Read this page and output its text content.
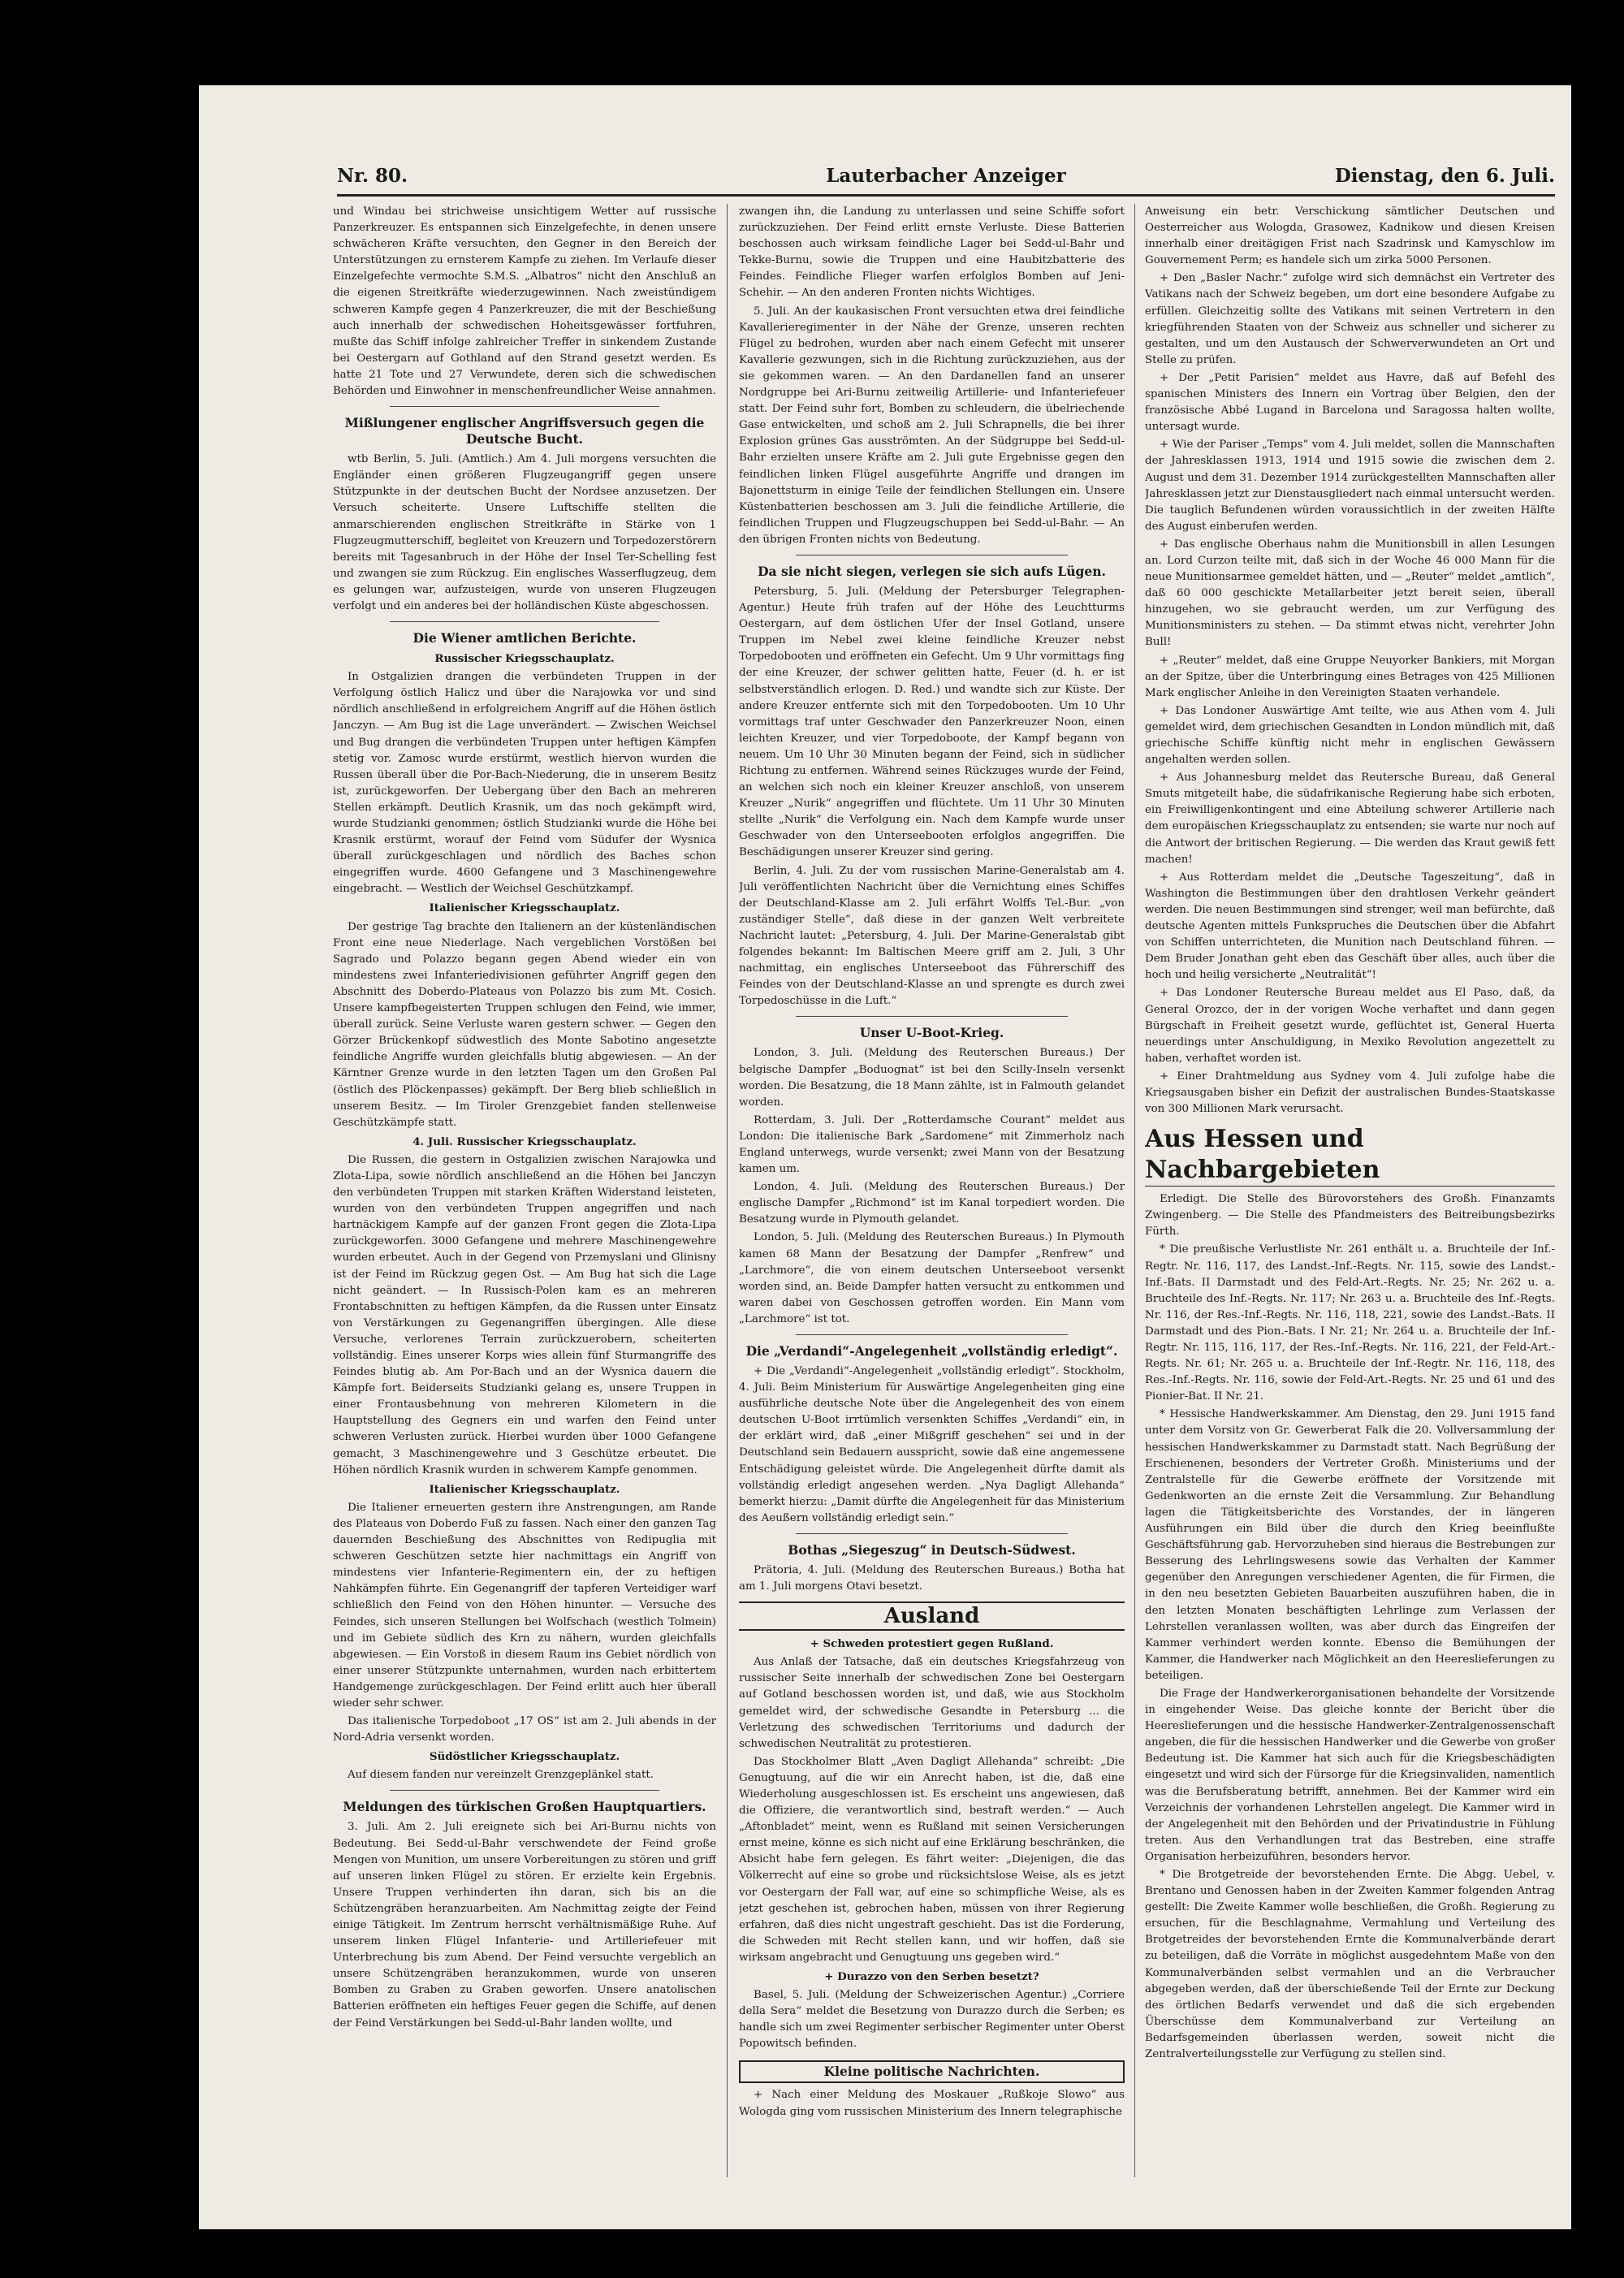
Nr. 80.	Lauterbacher Anzeiger	Dienstag, den 6. Juli.

und Windau bei strichweise unsichtigem Wetter auf russische Panzerkreuzer. Es entspannen sich Einzelgefechte, in denen unsere schwächeren Kräfte versuchten, den Gegner in den Bereich der Unterstützungen zu ernsterem Kampfe zu ziehen. Im Verlaufe dieser Einzelgefechte vermochte S.M.S. „Albatros“ nicht den Anschluß an die eigenen Streitkräfte wiederzugewinnen. Nach zweistündigem schweren Kampfe gegen 4 Panzerkreuzer, die mit der Beschießung auch innerhalb der schwedischen Hoheitsgewässer fortfuhren, mußte das Schiff infolge zahlreicher Treffer in sinkendem Zustande bei Oestergarn auf Gothland auf den Strand gesetzt werden. Es hatte 21 Tote und 27 Verwundete, deren sich die schwedischen Behörden und Einwohner in menschenfreundlicher Weise annahmen.

Mißlungener englischer Angriffsversuch gegen die Deutsche Bucht.

wtb Berlin, 5. Juli. (Amtlich.) Am 4. Juli morgens versuchten die Engländer einen größeren Flugzeugangriff gegen unsere Stützpunkte in der deutschen Bucht der Nordsee anzusetzen. Der Versuch scheiterte. Unsere Luftschiffe stellten die anmarschierenden englischen Streitkräfte in Stärke von 1 Flugzeugmutterschiff, begleitet von Kreuzern und Torpedozerstörern bereits mit Tagesanbruch in der Höhe der Insel Ter-Schelling fest und zwangen sie zum Rückzug. Ein englisches Wasserflugzeug, dem es gelungen war, aufzusteigen, wurde von unseren Flugzeugen verfolgt und ein anderes bei der holländischen Küste abgeschossen.

Die Wiener amtlichen Berichte.
Russischer Kriegsschauplatz.

In Ostgalizien drangen die verbündeten Truppen in der Verfolgung östlich Halicz und über die Narajowka vor und sind nördlich anschließend in erfolgreichem Angriff auf die Höhen östlich Janczyn. — Am Bug ist die Lage unverändert. — Zwischen Weichsel und Bug drangen die verbündeten Truppen unter heftigen Kämpfen stetig vor. Zamosc wurde erstürmt, westlich hiervon wurden die Russen überall über die Por-Bach-Niederung, die in unserem Besitz ist, zurückgeworfen. Der Uebergang über den Bach an mehreren Stellen erkämpft. Deutlich Krasnik, um das noch gekämpft wird, wurde Studzianki genommen; östlich Studzianki wurde die Höhe bei Krasnik erstürmt, worauf der Feind vom Südufer der Wysnica überall zurückgeschlagen und nördlich des Baches schon eingegriffen wurde. 4600 Gefangene und 3 Maschinengewehre eingebracht. — Westlich der Weichsel Geschützkampf.

Italienischer Kriegsschauplatz.

Der gestrige Tag brachte den Italienern an der küstenländischen Front eine neue Niederlage. Nach vergeblichen Vorstößen bei Sagrado und Polazzo begann gegen Abend wieder ein von mindestens zwei Infanteriedivisionen geführter Angriff gegen den Abschnitt des Doberdo-Plateaus von Polazzo bis zum Mt. Cosich. Unsere kampfbegeisterten Truppen schlugen den Feind, wie immer, überall zurück. Seine Verluste waren gestern schwer. — Gegen den Görzer Brückenkopf südwestlich des Monte Sabotino angesetzte feindliche Angriffe wurden gleichfalls blutig abgewiesen. — An der Kärntner Grenze wurde in den letzten Tagen um den Großen Pal (östlich des Plöckenpasses) gekämpft. Der Berg blieb schließlich in unserem Besitz. — Im Tiroler Grenzgebiet fanden stellenweise Geschützkämpfe statt.

4. Juli. Russischer Kriegsschauplatz.

Die Russen, die gestern in Ostgalizien zwischen Narajowka und Zlota-Lipa, sowie nördlich anschließend an die Höhen bei Janczyn den verbündeten Truppen mit starken Kräften Widerstand leisteten, wurden von den verbündeten Truppen angegriffen und nach hartnäckigem Kampfe auf der ganzen Front gegen die Zlota-Lipa zurückgeworfen. 3000 Gefangene und mehrere Maschinengewehre wurden erbeutet. Auch in der Gegend von Przemyslani und Glinisny ist der Feind im Rückzug gegen Ost. — Am Bug hat sich die Lage nicht geändert. — In Russisch-Polen kam es an mehreren Frontabschnitten zu heftigen Kämpfen, da die Russen unter Einsatz von Verstärkungen zu Gegenangriffen übergingen. Alle diese Versuche, verlorenes Terrain zurückzuerobern, scheiterten vollständig. Eines unserer Korps wies allein fünf Sturmangriffe des Feindes blutig ab. Am Por-Bach und an der Wysnica dauern die Kämpfe fort. Beiderseits Studzianki gelang es, unsere Truppen in einer Frontausbehnung von mehreren Kilometern in die Hauptstellung des Gegners ein und warfen den Feind unter schweren Verlusten zurück. Hierbei wurden über 1000 Gefangene gemacht, 3 Maschinengewehre und 3 Geschütze erbeutet. Die Höhen nördlich Krasnik wurden in schwerem Kampfe genommen.

Italienischer Kriegsschauplatz.

Die Italiener erneuerten gestern ihre Anstrengungen, am Rande des Plateaus von Doberdo Fuß zu fassen. Nach einer den ganzen Tag dauernden Beschießung des Abschnittes von Redipuglia mit schweren Geschützen setzte hier nachmittags ein Angriff von mindestens vier Infanterie-Regimentern ein, der zu heftigen Nahkämpfen führte. Ein Gegenangriff der tapferen Verteidiger warf schließlich den Feind von den Höhen hinunter. — Versuche des Feindes, sich unseren Stellungen bei Wolfschach (westlich Tolmein) und im Gebiete südlich des Krn zu nähern, wurden gleichfalls abgewiesen. — Ein Vorstoß in diesem Raum ins Gebiet nördlich von einer unserer Stützpunkte unternahmen, wurden nach erbittertem Handgemenge zurückgeschlagen. Der Feind erlitt auch hier überall wieder sehr schwer.

Das italienische Torpedoboot „17 OS“ ist am 2. Juli abends in der Nord-Adria versenkt worden.

Südöstlicher Kriegsschauplatz.

Auf diesem fanden nur vereinzelt Grenzgeplänkel statt.

Meldungen des türkischen Großen Hauptquartiers.

3. Juli. Am 2. Juli ereignete sich bei Ari-Burnu nichts von Bedeutung. Bei Sedd-ul-Bahr verschwendete der Feind große Mengen von Munition, um unsere Vorbereitungen zu stören und griff auf unseren linken Flügel zu stören. Er erzielte kein Ergebnis. Unsere Truppen verhinderten ihn daran, sich bis an die Schützengräben heranzuarbeiten. Am Nachmittag zeigte der Feind einige Tätigkeit. Im Zentrum herrscht verhältnismäßige Ruhe. Auf unserem linken Flügel Infanterie- und Artilleriefeuer mit Unterbrechung bis zum Abend. Der Feind versuchte vergeblich an unsere Schützengräben heranzukommen, wurde von unseren Bomben zu Graben zu Graben geworfen. Unsere anatolischen Batterien eröffneten ein heftiges Feuer gegen die Schiffe, auf denen der Feind Verstärkungen bei Sedd-ul-Bahr landen wollte, und

zwangen ihn, die Landung zu unterlassen und seine Schiffe sofort zurückzuziehen. Der Feind erlitt ernste Verluste. Diese Batterien beschossen auch wirksam feindliche Lager bei Sedd-ul-Bahr und Tekke-Burnu, sowie die Truppen und eine Haubitzbatterie des Feindes. Feindliche Flieger warfen erfolglos Bomben auf Jeni-Schehir. — An den anderen Fronten nichts Wichtiges.

5. Juli. An der kaukasischen Front versuchten etwa drei feindliche Kavallerieregimenter in der Nähe der Grenze, unseren rechten Flügel zu bedrohen, wurden aber nach einem Gefecht mit unserer Kavallerie gezwungen, sich in die Richtung zurückzuziehen, aus der sie gekommen waren. — An den Dardanellen fand an unserer Nordgruppe bei Ari-Burnu zeitweilig Artillerie- und Infanteriefeuer statt. Der Feind suhr fort, Bomben zu schleudern, die übelriechende Gase entwickelten, und schoß am 2. Juli Schrapnells, die bei ihrer Explosion grünes Gas ausströmten. An der Südgruppe bei Sedd-ul-Bahr erzielten unsere Kräfte am 2. Juli gute Ergebnisse gegen den feindlichen linken Flügel ausgeführte Angriffe und drangen im Bajonettsturm in einige Teile der feindlichen Stellungen ein. Unsere Küstenbatterien beschossen am 3. Juli die feindliche Artillerie, die feindlichen Truppen und Flugzeugschuppen bei Sedd-ul-Bahr. — An den übrigen Fronten nichts von Bedeutung.

Da sie nicht siegen, verlegen sie sich aufs Lügen.

Petersburg, 5. Juli. (Meldung der Petersburger Telegraphen-Agentur.) Heute früh trafen auf der Höhe des Leuchtturms Oestergarn, auf dem östlichen Ufer der Insel Gotland, unsere Truppen im Nebel zwei kleine feindliche Kreuzer nebst Torpedobooten und eröffneten ein Gefecht. Um 9 Uhr vormittags fing der eine Kreuzer, der schwer gelitten hatte, Feuer (d. h. er ist selbstverständlich erlogen. D. Red.) und wandte sich zur Küste. Der andere Kreuzer entfernte sich mit den Torpedobooten. Um 10 Uhr vormittags traf unter Geschwader den Panzerkreuzer Noon, einen leichten Kreuzer, und vier Torpedoboote, der Kampf begann von neuem. Um 10 Uhr 30 Minuten begann der Feind, sich in südlicher Richtung zu entfernen. Während seines Rückzuges wurde der Feind, an welchen sich noch ein kleiner Kreuzer anschloß, von unserem Kreuzer „Nurik“ angegriffen und flüchtete. Um 11 Uhr 30 Minuten stellte „Nurik“ die Verfolgung ein. Nach dem Kampfe wurde unser Geschwader von den Unterseebooten erfolglos angegriffen. Die Beschädigungen unserer Kreuzer sind gering.

Berlin, 4. Juli. Zu der vom russischen Marine-Generalstab am 4. Juli veröffentlichten Nachricht über die Vernichtung eines Schiffes der Deutschland-Klasse am 2. Juli erfährt Wolffs Tel.-Bur. „von zuständiger Stelle“, daß diese in der ganzen Welt verbreitete Nachricht lautet: „Petersburg, 4. Juli. Der Marine-Generalstab gibt folgendes bekannt: Im Baltischen Meere griff am 2. Juli, 3 Uhr nachmittag, ein englisches Unterseeboot das Führerschiff des Feindes von der Deutschland-Klasse an und sprengte es durch zwei Torpedoschüsse in die Luft.“

Unser U-Boot-Krieg.

London, 3. Juli. (Meldung des Reuterschen Bureaus.) Der belgische Dampfer „Boduognat“ ist bei den Scilly-Inseln versenkt worden. Die Besatzung, die 18 Mann zählte, ist in Falmouth gelandet worden.

Rotterdam, 3. Juli. Der „Rotterdamsche Courant“ meldet aus London: Die italienische Bark „Sardomene“ mit Zimmerholz nach England unterwegs, wurde versenkt; zwei Mann von der Besatzung kamen um.

London, 4. Juli. (Meldung des Reuterschen Bureaus.) Der englische Dampfer „Richmond“ ist im Kanal torpediert worden. Die Besatzung wurde in Plymouth gelandet.

London, 5. Juli. (Meldung des Reuterschen Bureaus.) In Plymouth kamen 68 Mann der Besatzung der Dampfer „Renfrew“ und „Larchmore“, die von einem deutschen Unterseeboot versenkt worden sind, an. Beide Dampfer hatten versucht zu entkommen und waren dabei von Geschossen getroffen worden. Ein Mann vom „Larchmore“ ist tot.

Die „Verdandi“-Angelegenheit „vollständig erledigt“.

+ Die „Verdandi“-Angelegenheit „vollständig erledigt“. Stockholm, 4. Juli. Beim Ministerium für Auswärtige Angelegenheiten ging eine ausführliche deutsche Note über die Angelegenheit des von einem deutschen U-Boot irrtümlich versenkten Schiffes „Verdandi“ ein, in der erklärt wird, daß „einer Mißgriff geschehen“ sei und in der Deutschland sein Bedauern ausspricht, sowie daß eine angemessene Entschädigung geleistet würde. Die Angelegenheit dürfte damit als vollständig erledigt angesehen werden. „Nya Dagligt Allehanda“ bemerkt hierzu: „Damit dürfte die Angelegenheit für das Ministerium des Aeußern vollständig erledigt sein.“

Bothas „Siegeszug“ in Deutsch-Südwest.

Prätoria, 4. Juli. (Meldung des Reuterschen Bureaus.) Botha hat am 1. Juli morgens Otavi besetzt.

Ausland
+ Schweden protestiert gegen Rußland.

Aus Anlaß der Tatsache, daß ein deutsches Kriegsfahrzeug von russischer Seite innerhalb der schwedischen Zone bei Oestergarn auf Gotland beschossen worden ist, und daß, wie aus Stockholm gemeldet wird, der schwedische Gesandte in Petersburg ... die Verletzung des schwedischen Territoriums und dadurch der schwedischen Neutralität zu protestieren.

Das Stockholmer Blatt „Aven Dagligt Allehanda“ schreibt: „Die Genugtuung, auf die wir ein Anrecht haben, ist die, daß eine Wiederholung ausgeschlossen ist. Es erscheint uns angewiesen, daß die Offiziere, die verantwortlich sind, bestraft werden.“ — Auch „Aftonbladet“ meint, wenn es Rußland mit seinen Versicherungen ernst meine, könne es sich nicht auf eine Erklärung beschränken, die Absicht habe fern gelegen. Es fährt weiter: „Diejenigen, die das Völkerrecht auf eine so grobe und rücksichtslose Weise, als es jetzt vor Oestergarn der Fall war, auf eine so schimpfliche Weise, als es jetzt geschehen ist, gebrochen haben, müssen von ihrer Regierung erfahren, daß dies nicht ungestraft geschieht. Das ist die Forderung, die Schweden mit Recht stellen kann, und wir hoffen, daß sie wirksam angebracht und Genugtuung uns gegeben wird.“

+ Durazzo von den Serben besetzt?

Basel, 5. Juli. (Meldung der Schweizerischen Agentur.) „Corriere della Sera“ meldet die Besetzung von Durazzo durch die Serben; es handle sich um zwei Regimenter serbischer Regimenter unter Oberst Popowitsch befinden.

Kleine politische Nachrichten.

+ Nach einer Meldung des Moskauer „Rußkoje Slowo“ aus Wologda ging vom russischen Ministerium des Innern telegraphische

Anweisung ein betr. Verschickung sämtlicher Deutschen und Oesterreicher aus Wologda, Grasowez, Kadnikow und diesen Kreisen innerhalb einer dreitägigen Frist nach Szadrinsk und Kamyschlow im Gouvernement Perm; es handele sich um zirka 5000 Personen.

+ Den „Basler Nachr.“ zufolge wird sich demnächst ein Vertreter des Vatikans nach der Schweiz begeben, um dort eine besondere Aufgabe zu erfüllen. Gleichzeitig sollte des Vatikans mit seinen Vertretern in den kriegführenden Staaten von der Schweiz aus schneller und sicherer zu gestalten, und um den Austausch der Schwerverwundeten an Ort und Stelle zu prüfen.

+ Der „Petit Parisien“ meldet aus Havre, daß auf Befehl des spanischen Ministers des Innern ein Vortrag über Belgien, den der französische Abbé Lugand in Barcelona und Saragossa halten wollte, untersagt wurde.

+ Wie der Pariser „Temps“ vom 4. Juli meldet, sollen die Mannschaften der Jahresklassen 1913, 1914 und 1915 sowie die zwischen dem 2. August und dem 31. Dezember 1914 zurückgestellten Mannschaften aller Jahresklassen jetzt zur Dienstausgliedert nach einmal untersucht werden. Die tauglich Befundenen würden voraussichtlich in der zweiten Hälfte des August einberufen werden.

+ Das englische Oberhaus nahm die Munitionsbill in allen Lesungen an. Lord Curzon teilte mit, daß sich in der Woche 46 000 Mann für die neue Munitionsarmee gemeldet hätten, und — „Reuter“ meldet „amtlich“, daß 60 000 geschickte Metallarbeiter jetzt bereit seien, überall hinzugehen, wo sie gebraucht werden, um zur Verfügung des Munitionsministers zu stehen. — Da stimmt etwas nicht, verehrter John Bull!

+ „Reuter“ meldet, daß eine Gruppe Neuyorker Bankiers, mit Morgan an der Spitze, über die Unterbringung eines Betrages von 425 Millionen Mark englischer Anleihe in den Vereinigten Staaten verhandele.

+ Das Londoner Auswärtige Amt teilte, wie aus Athen vom 4. Juli gemeldet wird, dem griechischen Gesandten in London mündlich mit, daß griechische Schiffe künftig nicht mehr in englischen Gewässern angehalten werden sollen.

+ Aus Johannesburg meldet das Reutersche Bureau, daß General Smuts mitgeteilt habe, die südafrikanische Regierung habe sich erboten, ein Freiwilligenkontingent und eine Abteilung schwerer Artillerie nach dem europäischen Kriegsschauplatz zu entsenden; sie warte nur noch auf die Antwort der britischen Regierung. — Die werden das Kraut gewiß fett machen!

+ Aus Rotterdam meldet die „Deutsche Tageszeitung“, daß in Washington die Bestimmungen über den drahtlosen Verkehr geändert werden. Die neuen Bestimmungen sind strenger, weil man befürchte, daß deutsche Agenten mittels Funkspruches die Deutschen über die Abfahrt von Schiffen unterrichteten, die Munition nach Deutschland führen. — Dem Bruder Jonathan geht eben das Geschäft über alles, auch über die hoch und heilig versicherte „Neutralität“!

+ Das Londoner Reutersche Bureau meldet aus El Paso, daß, da General Orozco, der in der vorigen Woche verhaftet und dann gegen Bürgschaft in Freiheit gesetzt wurde, geflüchtet ist, General Huerta neuerdings unter Anschuldigung, in Mexiko Revolution angezettelt zu haben, verhaftet worden ist.

+ Einer Drahtmeldung aus Sydney vom 4. Juli zufolge habe die Kriegsausgaben bisher ein Defizit der australischen Bundes-Staatskasse von 300 Millionen Mark verursacht.

Aus Hessen und Nachbargebieten

Erledigt. Die Stelle des Bürovorstehers des Großh. Finanzamts Zwingenberg. — Die Stelle des Pfandmeisters des Beitreibungsbezirks Fürth.

* Die preußische Verlustliste Nr. 261 enthält u. a. Bruchteile der Inf.-Regtr. Nr. 116, 117, des Landst.-Inf.-Regts. Nr. 115, sowie des Landst.-Inf.-Bats. II Darmstadt und des Feld-Art.-Regts. Nr. 25; Nr. 262 u. a. Bruchteile des Inf.-Regts. Nr. 117; Nr. 263 u. a. Bruchteile des Inf.-Regts. Nr. 116, der Res.-Inf.-Regts. Nr. 116, 118, 221, sowie des Landst.-Bats. II Darmstadt und des Pion.-Bats. I Nr. 21; Nr. 264 u. a. Bruchteile der Inf.-Regtr. Nr. 115, 116, 117, der Res.-Inf.-Regts. Nr. 116, 221, der Feld-Art.-Regts. Nr. 61; Nr. 265 u. a. Bruchteile der Inf.-Regtr. Nr. 116, 118, des Res.-Inf.-Regts. Nr. 116, sowie der Feld-Art.-Regts. Nr. 25 und 61 und des Pionier-Bat. II Nr. 21.

* Hessische Handwerkskammer. Am Dienstag, den 29. Juni 1915 fand unter dem Vorsitz von Gr. Gewerberat Falk die 20. Vollversammlung der hessischen Handwerkskammer zu Darmstadt statt. Nach Begrüßung der Erschienenen, besonders der Vertreter Großh. Ministeriums und der Zentralstelle für die Gewerbe eröffnete der Vorsitzende mit Gedenkworten an die ernste Zeit die Versammlung. Zur Behandlung lagen die Tätigkeitsberichte des Vorstandes, der in längeren Ausführungen ein Bild über die durch den Krieg beeinflußte Geschäftsführung gab. Hervorzuheben sind hieraus die Bestrebungen zur Besserung des Lehrlingswesens sowie das Verhalten der Kammer gegenüber den Anregungen verschiedener Agenten, die für Firmen, die in den neu besetzten Gebieten Bauarbeiten auszuführen haben, die in den letzten Monaten beschäftigten Lehrlinge zum Verlassen der Lehrstellen veranlassen wollten, was aber durch das Eingreifen der Kammer verhindert werden konnte. Ebenso die Bemühungen der Kammer, die Handwerker nach Möglichkeit an den Heereslieferungen zu beteiligen.

Die Frage der Handwerkerorganisationen behandelte der Vorsitzende in eingehender Weise. Das gleiche konnte der Bericht über die Heereslieferungen und die hessische Handwerker-Zentralgenossenschaft angeben, die für die hessischen Handwerker und die Gewerbe von großer Bedeutung ist. Die Kammer hat sich auch für die Kriegsbeschädigten eingesetzt und wird sich der Fürsorge für die Kriegsinvaliden, namentlich was die Berufsberatung betrifft, annehmen. Bei der Kammer wird ein Verzeichnis der vorhandenen Lehrstellen angelegt. Die Kammer wird in der Angelegenheit mit den Behörden und der Privatindustrie in Fühlung treten. Aus den Verhandlungen trat das Bestreben, eine straffe Organisation herbeizuführen, besonders hervor.

* Die Brotgetreide der bevorstehenden Ernte. Die Abgg. Uebel, v. Brentano und Genossen haben in der Zweiten Kammer folgenden Antrag gestellt: Die Zweite Kammer wolle beschließen, die Großh. Regierung zu ersuchen, für die Beschlagnahme, Vermahlung und Verteilung des Brotgetreides der bevorstehenden Ernte die Kommunalverbände derart zu beteiligen, daß die Vorräte in möglichst ausgedehntem Maße von den Kommunalverbänden selbst vermahlen und an die Verbraucher abgegeben werden, daß der überschießende Teil der Ernte zur Deckung des örtlichen Bedarfs verwendet und daß die sich ergebenden Überschüsse dem Kommunalverband zur Verteilung an Bedarfsgemeinden überlassen werden, soweit nicht die Zentralverteilungsstelle zur Verfügung zu stellen sind.
